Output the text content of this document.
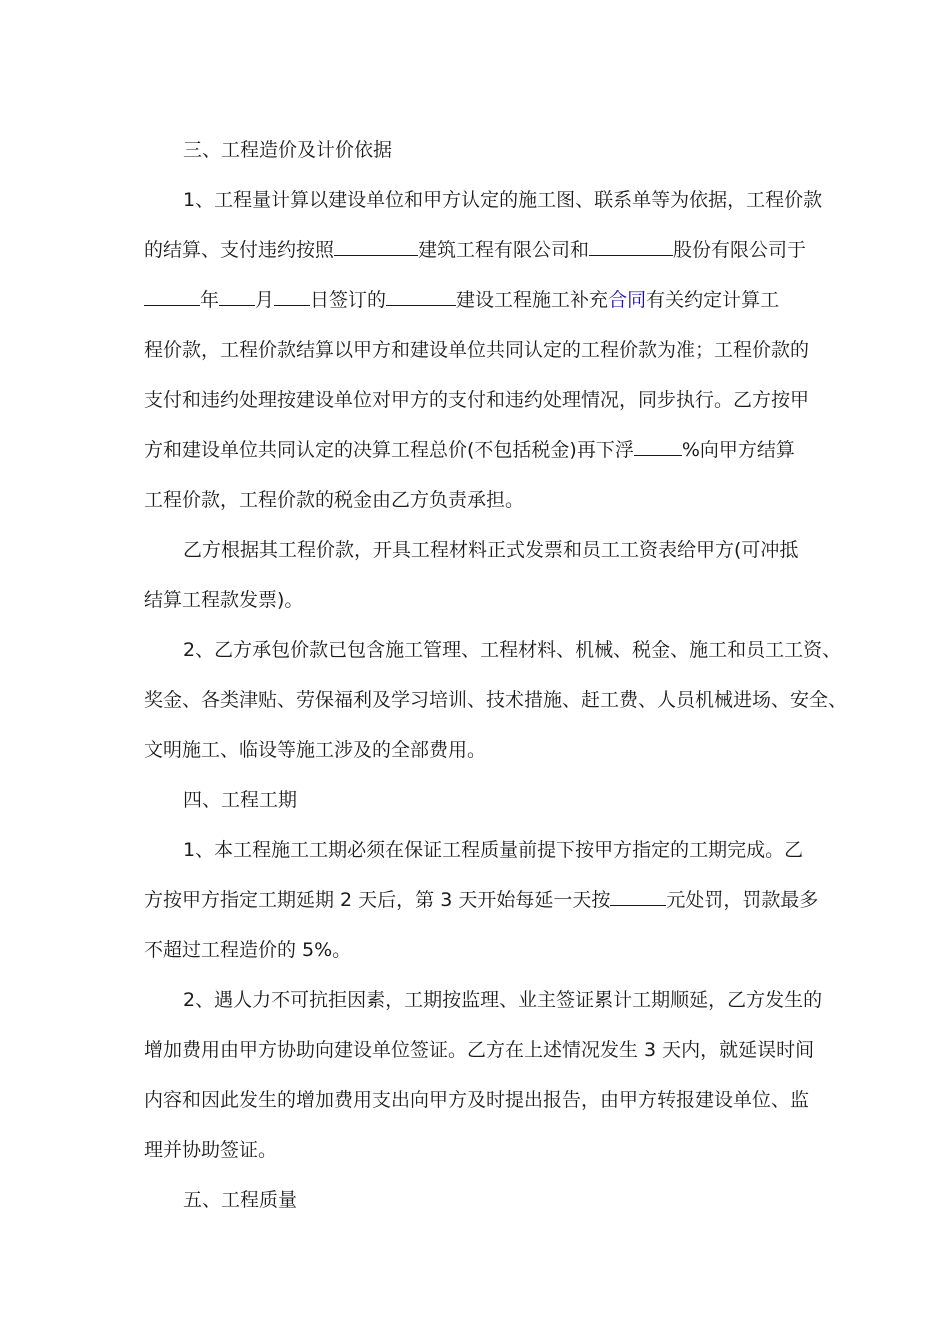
三、工程造价及计价依据
1、工程量计算以建设单位和甲方认定的施工图、联系单等为依据，工程价款
的结算、支付违约按照	建筑工程有限公司和	股份有限公司于
年 月 日签订的	建设工程施工补充合同有关约定计算工
程价款，工程价款结算以甲方和建设单位共同认定的工程价款为准；工程价款的
支付和违约处理按建设单位对甲方的支付和违约处理情况，同步执行。乙方按甲
方和建设单位共同认定的决算工程总价(不包括税金)再下浮	%向甲方结算
工程价款，工程价款的税金由乙方负责承担。
乙方根据其工程价款，开具工程材料正式发票和员工工资表给甲方(可冲抵
结算工程款发票)。
2、乙方承包价款已包含施工管理、工程材料、机械、税金、施工和员工工资、
奖金、各类津贴、劳保福利及学习培训、技术措施、赶工费、人员机械进场、安全、
文明施工、临设等施工涉及的全部费用。
四、工程工期
1、本工程施工工期必须在保证工程质量前提下按甲方指定的工期完成。乙
方按甲方指定工期延期 2 天后，第 3 天开始每延一天按	元处罚，罚款最多
不超过工程造价的 5%。
2、遇人力不可抗拒因素，工期按监理、业主签证累计工期顺延，乙方发生的
增加费用由甲方协助向建设单位签证。乙方在上述情况发生 3 天内，就延误时间
内容和因此发生的增加费用支出向甲方及时提出报告，由甲方转报建设单位、监
理并协助签证。
五、工程质量
